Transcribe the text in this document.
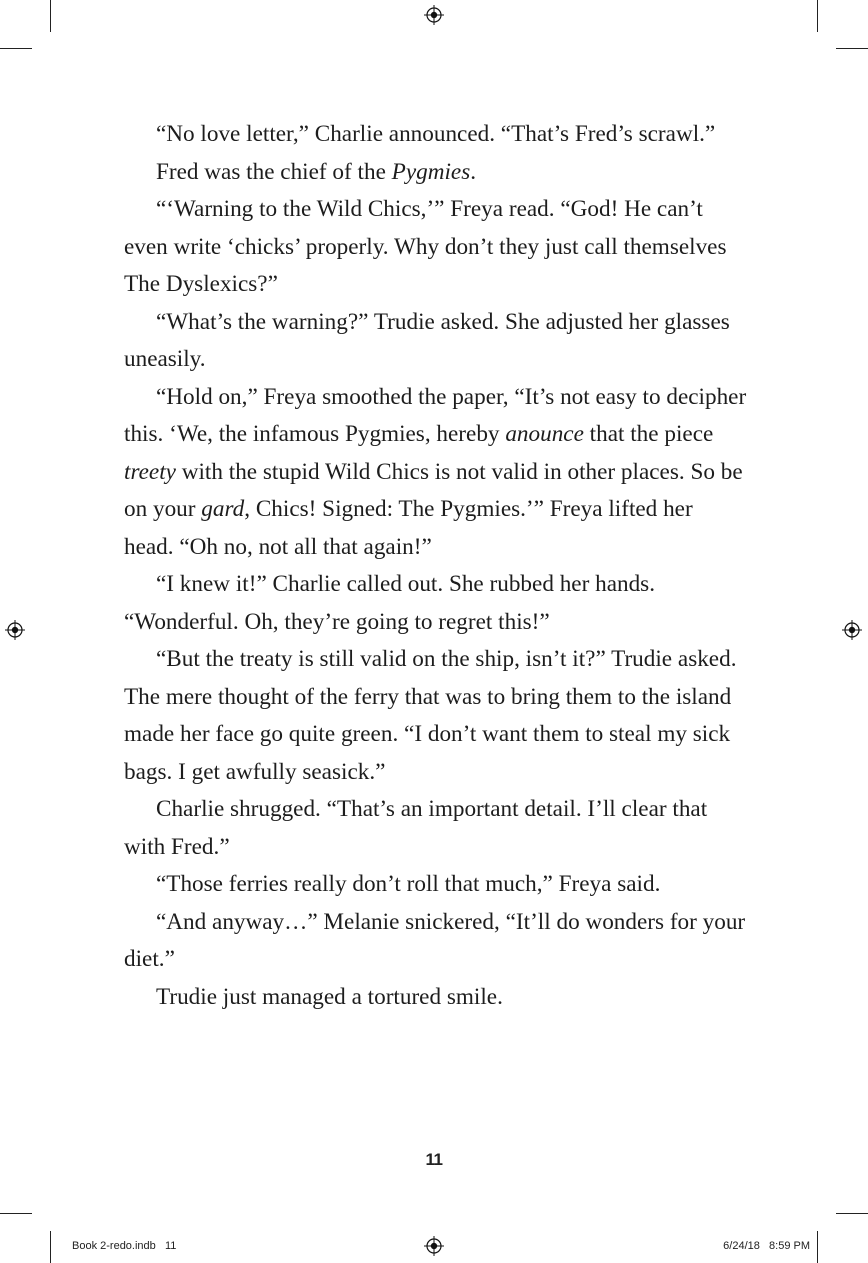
“No love letter,” Charlie announced. “That’s Fred’s scrawl.”

Fred was the chief of the Pygmies.

“‘Warning to the Wild Chics,’” Freya read. “God! He can’t even write ‘chicks’ properly. Why don’t they just call themselves The Dyslexics?”

“What’s the warning?” Trudie asked. She adjusted her glasses uneasily.

“Hold on,” Freya smoothed the paper, “It’s not easy to decipher this. ‘We, the infamous Pygmies, hereby anounce that the piece treety with the stupid Wild Chics is not valid in other places. So be on your gard, Chics! Signed: The Pygmies.’” Freya lifted her head. “Oh no, not all that again!”

“I knew it!” Charlie called out. She rubbed her hands. “Wonderful. Oh, they’re going to regret this!”

“But the treaty is still valid on the ship, isn’t it?” Trudie asked. The mere thought of the ferry that was to bring them to the island made her face go quite green. “I don’t want them to steal my sick bags. I get awfully seasick.”

Charlie shrugged. “That’s an important detail. I’ll clear that with Fred.”

“Those ferries really don’t roll that much,” Freya said.

“And anyway…” Melanie snickered, “It’ll do wonders for your diet.”

Trudie just managed a tortured smile.

11
Book 2-redo.indb   11	6/24/18   8:59 PM
